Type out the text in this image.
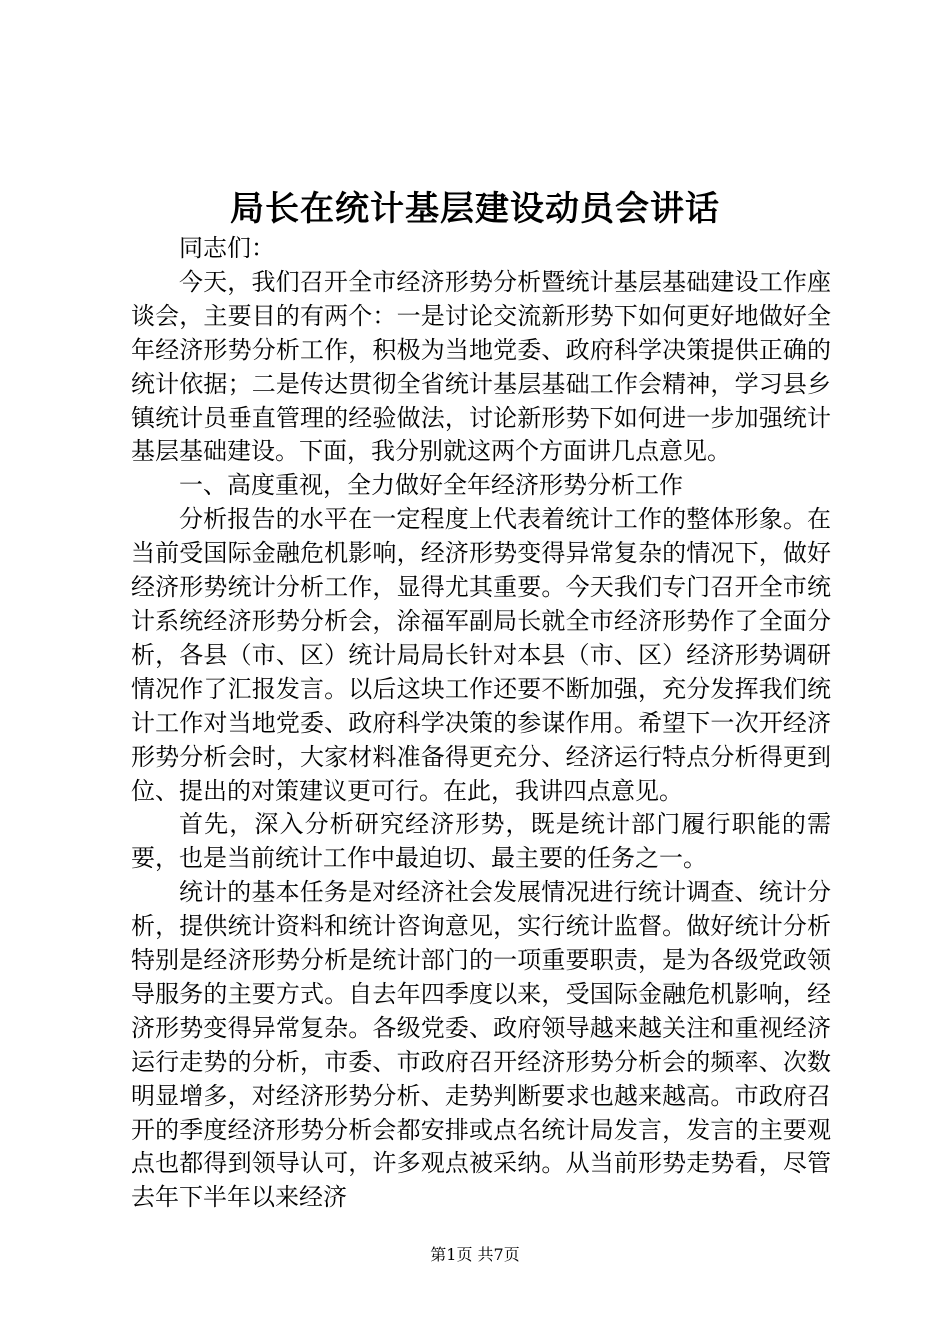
局长在统计基层建设动员会讲话

同志们：

今天，我们召开全市经济形势分析暨统计基层基础建设工作座谈会，主要目的有两个：一是讨论交流新形势下如何更好地做好全年经济形势分析工作，积极为当地党委、政府科学决策提供正确的统计依据；二是传达贯彻全省统计基层基础工作会精神，学习县乡镇统计员垂直管理的经验做法，讨论新形势下如何进一步加强统计基层基础建设。下面，我分别就这两个方面讲几点意见。

一、高度重视，全力做好全年经济形势分析工作

分析报告的水平在一定程度上代表着统计工作的整体形象。在当前受国际金融危机影响，经济形势变得异常复杂的情况下，做好经济形势统计分析工作，显得尤其重要。今天我们专门召开全市统计系统经济形势分析会，涂福军副局长就全市经济形势作了全面分析，各县（市、区）统计局局长针对本县（市、区）经济形势调研情况作了汇报发言。以后这块工作还要不断加强，充分发挥我们统计工作对当地党委、政府科学决策的参谋作用。希望下一次开经济形势分析会时，大家材料准备得更充分、经济运行特点分析得更到位、提出的对策建议更可行。在此，我讲四点意见。

首先，深入分析研究经济形势，既是统计部门履行职能的需要，也是当前统计工作中最迫切、最主要的任务之一。

统计的基本任务是对经济社会发展情况进行统计调查、统计分析，提供统计资料和统计咨询意见，实行统计监督。做好统计分析特别是经济形势分析是统计部门的一项重要职责，是为各级党政领导服务的主要方式。自去年四季度以来，受国际金融危机影响，经济形势变得异常复杂。各级党委、政府领导越来越关注和重视经济运行走势的分析，市委、市政府召开经济形势分析会的频率、次数明显增多，对经济形势分析、走势判断要求也越来越高。市政府召开的季度经济形势分析会都安排或点名统计局发言，发言的主要观点也都得到领导认可，许多观点被采纳。从当前形势走势看，尽管去年下半年以来经济

第1页 共7页
